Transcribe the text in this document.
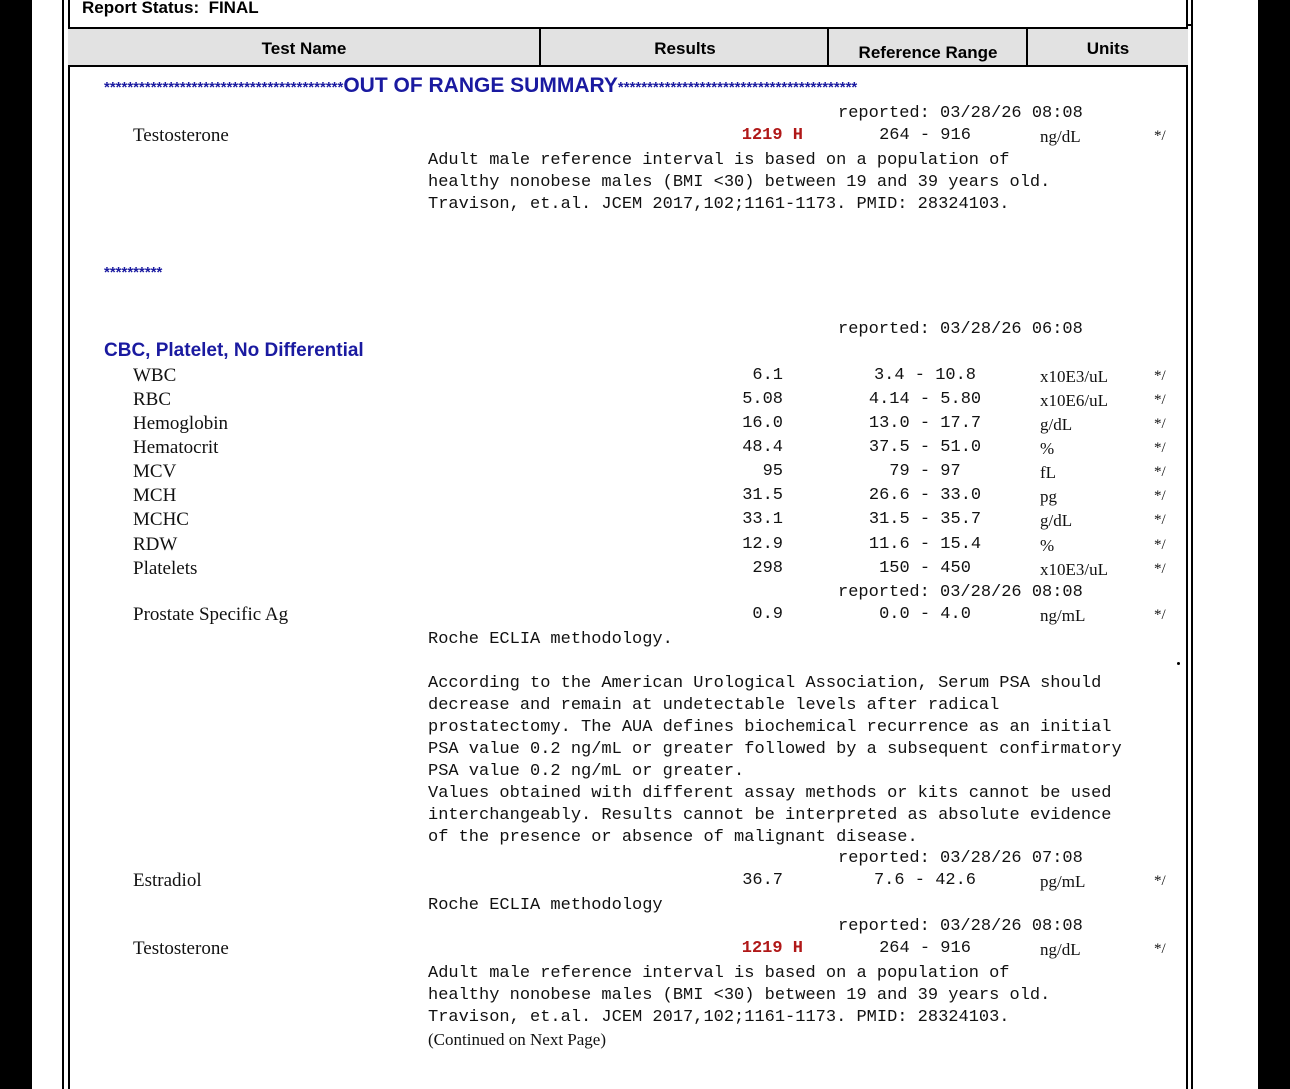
Report Status: FINAL
Test Name	Results	Reference Range	Units
*****************************************OUT OF RANGE SUMMARY*****************************************
reported: 03/28/26 08:08
Testosterone	1219 H	264 - 916	ng/dL	*/
Adult male reference interval is based on a population of
healthy nonobese males (BMI <30) between 19 and 39 years old.
Travison, et.al. JCEM 2017,102;1161-1173. PMID: 28324103.
**********
reported: 03/28/26 06:08
CBC, Platelet, No Differential
WBC	6.1	3.4 - 10.8	x10E3/uL	*/
RBC	5.08	4.14 - 5.80	x10E6/uL	*/
Hemoglobin	16.0	13.0 - 17.7	g/dL	*/
Hematocrit	48.4	37.5 - 51.0	%	*/
MCV	95	79 - 97	fL	*/
MCH	31.5	26.6 - 33.0	pg	*/
MCHC	33.1	31.5 - 35.7	g/dL	*/
RDW	12.9	11.6 - 15.4	%	*/
Platelets	298	150 - 450	x10E3/uL	*/
reported: 03/28/26 08:08
Prostate Specific Ag	0.9	0.0 - 4.0	ng/mL	*/
Roche ECLIA methodology.
According to the American Urological Association, Serum PSA should
decrease and remain at undetectable levels after radical
prostatectomy. The AUA defines biochemical recurrence as an initial
PSA value 0.2 ng/mL or greater followed by a subsequent confirmatory
PSA value 0.2 ng/mL or greater.
Values obtained with different assay methods or kits cannot be used
interchangeably. Results cannot be interpreted as absolute evidence
of the presence or absence of malignant disease.
reported: 03/28/26 07:08
Estradiol	36.7	7.6 - 42.6	pg/mL	*/
Roche ECLIA methodology
reported: 03/28/26 08:08
Testosterone	1219 H	264 - 916	ng/dL	*/
Adult male reference interval is based on a population of
healthy nonobese males (BMI <30) between 19 and 39 years old.
Travison, et.al. JCEM 2017,102;1161-1173. PMID: 28324103.
(Continued on Next Page)
